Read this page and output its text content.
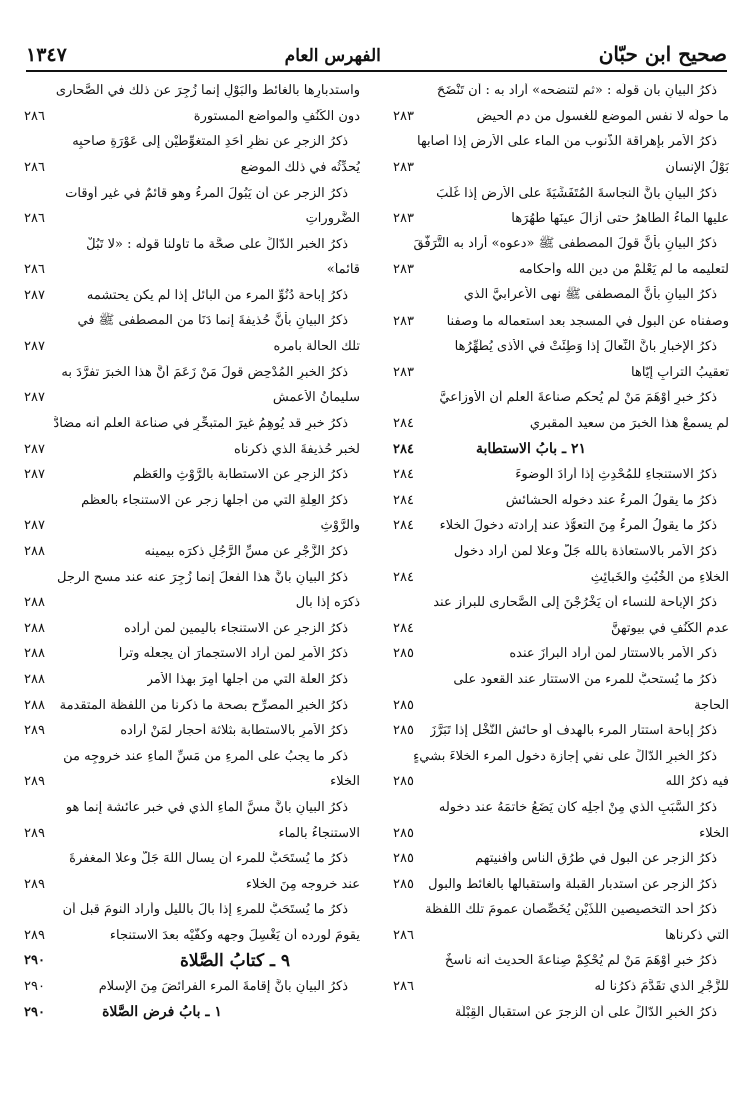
صحيح ابن حبّان
الفهرس العام
١٣٤٧
ذكرُ البيانِ بأن قولَه : «ثم لتنضحه» أراد به : أن تَنْضَحَ
ما حولَه لا نفس الموضع للغسول من دم الحيض
٢٨٣
ذكرُ الأمر بإهراقة الذَّنوب من الماء على الأرض إذا أصابها
بَوْلُ الإنسان
٢٨٣
ذكرُ البيانِ بأنَّ النجاسةَ المُتَفَشِّيَةَ على الأرض إذا غَلَبَ
عليها الماءُ الطاهرُ حتى أزالَ عينَها طَهُرَها
٢٨٣
ذكرُ البيانِ بأنَّ قولَ المصطفى ﷺ «دعوه» أراد به التَّرَفُّقَ
لتعليمه ما لم يَعْلَمْ من دين الله وأحكامه
٢٨٣
ذكرُ البيانِ بأنَّ المصطفى ﷺ نهى الأعرابيَّ الذي
وصفناه عن البول في المسجد بعد استعماله ما وصفنا
٢٨٣
ذكرُ الإخبارِ بأنَّ النِّعالَ إذا وَطِئَتْ في الأذى يُطَهِّرُها
تعقيبُ الترابِ إيّاها
٢٨٣
ذكرُ خبرٍ أَوْهَمَ مَنْ لم يُحكم صناعةَ العلم أن الأوزاعيَّ
لم يسمعْ هذا الخبرَ من سعيد المقبري
٢٨٤
٢١ ـ بابُ الاستطابة
٢٨٤
ذكرُ الاستنجاءِ للمُحْدِثِ إذا أرادَ الوضوءَ
٢٨٤
ذكرُ ما يقولُ المرءُ عند دخوله الحشائش
٢٨٤
ذكرُ ما يقولُ المرءُ مِنَ التعوُّذ عند إرادته دخولَ الخلاء
٢٨٤
ذكرُ الأمر بالاستعاذة بالله جَلَّ وعلا لمن أراد دخول
الخلاءِ من الخُبُثِ والخَبائِثِ
٢٨٤
ذكرُ الإباحة للنساء أن يَخْرُجْنَ إلى الصَّحارى للبراز عند
عدمِ الكُنُفِ في بيوتهِنَّ
٢٨٤
ذكر الأمر بالاستتار لمن أراد البرازَ عنده
٢٨٥
ذكرُ ما يُستحبُّ للمرء من الاستتار عند القعود على
الحاجة
٢٨٥
ذكرُ إباحة استتار المرء بالهدف أو حائش النَّخْل إذا تَبَرَّزَ
٢٨٥
ذكرُ الخبرِ الدّالِّ على نفي إجازة دخول المرء الخلاءَ بشيءٍ
فيه ذكرُ الله
٢٨٥
ذكرُ السَّبَبِ الَّذي مِنْ أجلِه كان يَضَعُ خاتمَهُ عند دخوله
الخلاء
٢٨٥
ذكرُ الزجر عن البول في طُرُقِ الناس وأفنيتهم
٢٨٥
ذكرُ الزجر عن استدبار القبلة واستقبالها بالغائط والبول
٢٨٥
ذكرُ أحد التخصيصين اللَّذَيْنِ يُخَصِّصان عمومَ تلك اللفظة
التي ذكرناها
٢٨٦
ذكرُ خبرٍ أَوْهَمَ مَنْ لم يُحْكِمْ صِناعةَ الحديث أنه ناسخٌ
للزَّجْرِ الذي تقَدَّمَ ذكرُنا له
٢٨٦
ذكرُ الخبرِ الدّالِّ على أن الزجرَ عن استقبال القِبْلَة
واستدبارِها بالغائط والبَوْلِ إنما زُجِرَ عن ذلك في الصَّحارى
دون الكُنُفِ والمواضعِ المستورة
٢٨٦
ذكرُ الزجرِ عن نظرِ أحَدِ المتغوِّطَيْنِ إلى عَوْرَةِ صاحبِه
يُحدِّثُه في ذلك الموضعِ
٢٨٦
ذكرُ الزجر عن أن يَبُولَ المرءُ وهو قائمٌ في غير أوقات
الضَّروراتِ
٢٨٦
ذكرُ الخبر الدّالِّ على صحَّة ما تأولنا قولَه : «لا تَبُلْ
قائماً»
٢٨٦
ذكرُ إباحة دُنُوِّ المرء من البائل إذا لم يكن يحتشمه
٢٨٧
ذكرُ البيانِ بأنَّ حُذيفةَ إنما دَنَا من المصطفى ﷺ في
تلك الحالة بأمره
٢٨٧
ذكرُ الخبرِ المُدْحِضِ قولَ مَنْ زَعَمَ أنَّ هذا الخبرَ تفرَّدَ به
سليمانُ الأعمش
٢٨٧
ذكرُ خبرٍ قد يُوهِمُ غيرَ المتبحِّرِ في صناعة العلم أنه مضادٌّ
لخبر حُذيفةَ الذي ذكرناه
٢٨٧
ذكرُ الزجرِ عن الاستطابة بالرَّوْثِ والعَظْمِ
٢٨٧
ذكرُ العِلَّةِ التي من أجلها زجر عن الاستنجاء بالعظم
والرَّوْثِ
٢٨٧
ذكرُ الزَّجْرِ عن مسِّ الرَّجُلِ ذكرَه بيمينه
٢٨٨
ذكرُ البيانِ بأنَّ هذا الفعلَ إنما زُجِرَ عنه عند مسح الرجل
ذكرَه إذا بال
٢٨٨
ذكرُ الزجرِ عن الاستنجاء باليمين لمن أراده
٢٨٨
ذكرُ الأمرِ لمن أراد الاستجمارَ أن يجعلَه وتراً
٢٨٨
ذكرُ العلة التي من أجلها أُمِرَ بهذا الأمر
٢٨٨
ذكرُ الخبرِ المصرِّح بصحة ما ذكرنا من اللفظة المتقدمة
٢٨٨
ذكرُ الأمرِ بالاستطابة بثلاثة أحجار لمَنْ أراده
٢٨٩
ذكر ما يجبُ على المرءِ من مَسِّ الماءِ عند خروجِه من
الخلاء
٢٨٩
ذكرُ البيانِ بأنَّ مسَّ الماءِ الذي في خبر عائشة إنما هو
الاستنجاءُ بالماء
٢٨٩
ذكرُ ما يُستَحَبُّ للمرء أن يسأل اللهَ جَلَّ وعلا المغفرةَ
عند خروجه مِنَ الخلاء
٢٨٩
ذكرُ ما يُستَحَبُّ للمرءِ إذا بالَ بالليل وأراد النومَ قبل أن
يقومَ لورده أن يَغْسِلَ وجهه وكفَّيْه بعدَ الاستنجاء
٢٨٩
٩ ـ كتابُ الصَّلاة
٢٩٠
ذكرُ البيانِ بأنَّ إقامةَ المرء الفرائضَ مِنَ الإسلام
٢٩٠
١ ـ بابُ فرضِ الصَّلاة
٢٩٠
